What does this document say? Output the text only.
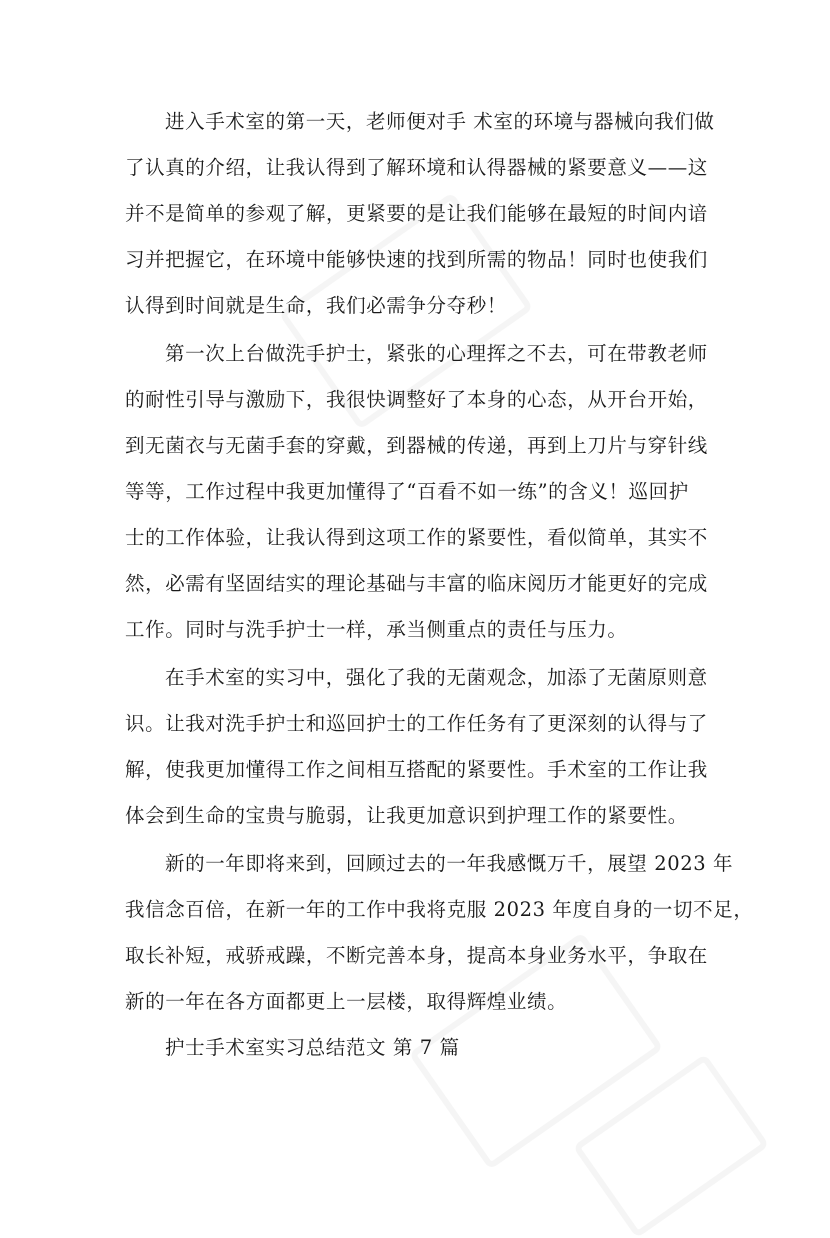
进入手术室的第一天，老师便对手 术室的环境与器械向我们做
了认真的介绍，让我认得到了解环境和认得器械的紧要意义——这
并不是简单的参观了解，更紧要的是让我们能够在最短的时间内谙
习并把握它，在环境中能够快速的找到所需的物品！同时也使我们
认得到时间就是生命，我们必需争分夺秒！
第一次上台做洗手护士，紧张的心理挥之不去，可在带教老师
的耐性引导与激励下，我很快调整好了本身的心态，从开台开始，
到无菌衣与无菌手套的穿戴，到器械的传递，再到上刀片与穿针线
等等，工作过程中我更加懂得了“百看不如一练”的含义！巡回护
士的工作体验，让我认得到这项工作的紧要性，看似简单，其实不
然，必需有坚固结实的理论基础与丰富的临床阅历才能更好的完成
工作。同时与洗手护士一样，承当侧重点的责任与压力。
在手术室的实习中，强化了我的无菌观念，加添了无菌原则意
识。让我对洗手护士和巡回护士的工作任务有了更深刻的认得与了
解，使我更加懂得工作之间相互搭配的紧要性。手术室的工作让我
体会到生命的宝贵与脆弱，让我更加意识到护理工作的紧要性。
新的一年即将来到，回顾过去的一年我感慨万千，展望 2023 年
我信念百倍，在新一年的工作中我将克服 2023 年度自身的一切不足，
取长补短，戒骄戒躁，不断完善本身，提高本身业务水平，争取在
新的一年在各方面都更上一层楼，取得辉煌业绩。
护士手术室实习总结范文 第 7 篇
